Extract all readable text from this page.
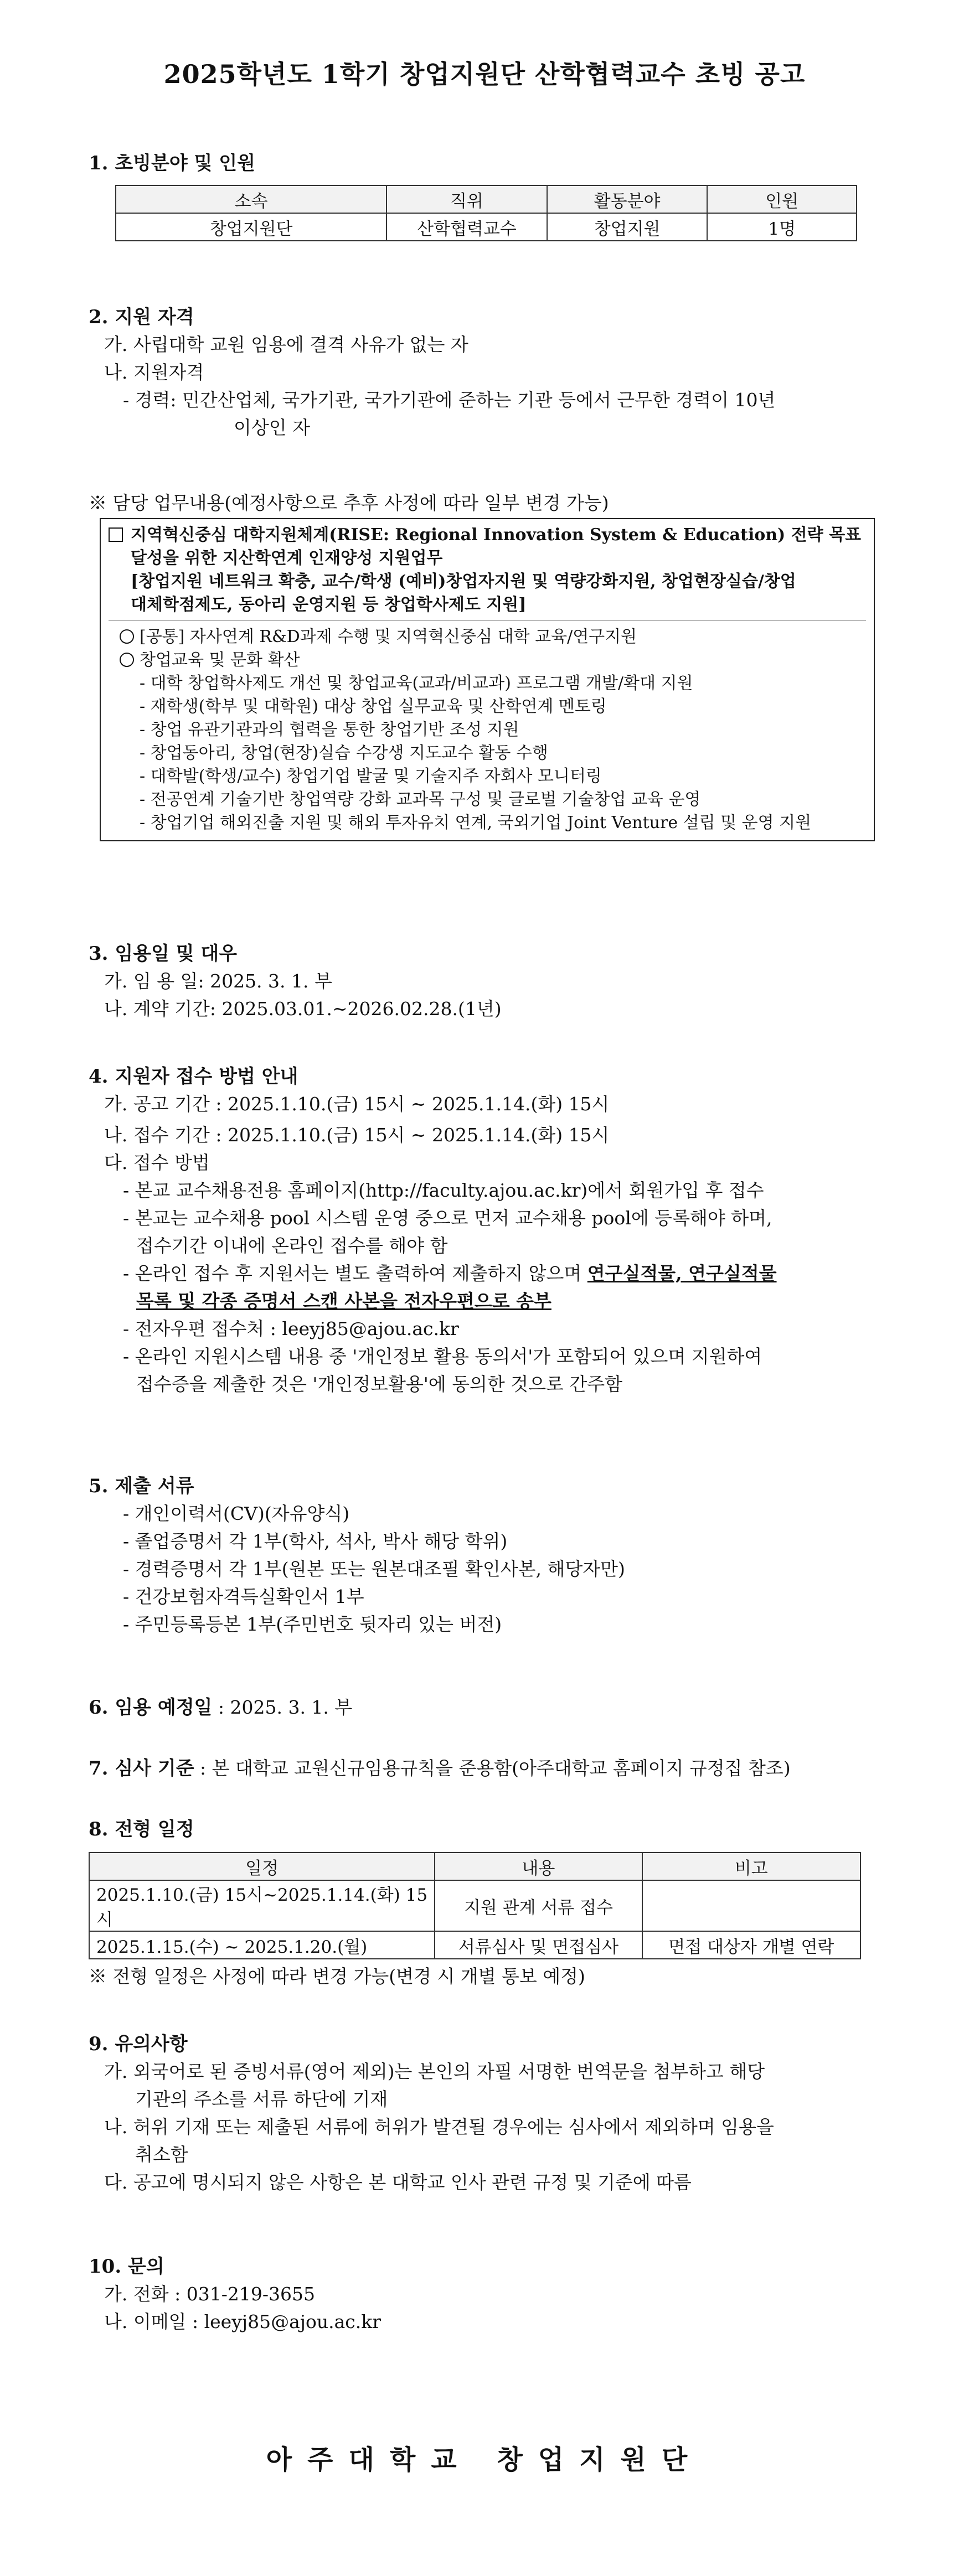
2025학년도 1학기 창업지원단 산학협력교수 초빙 공고
1. 초빙분야 및 인원
소속	직위	활동분야	인원
창업지원단	산학협력교수	창업지원	1명
2. 지원 자격
가. 사립대학 교원 임용에 결격 사유가 없는 자
나. 지원자격
- 경력: 민간산업체, 국가기관, 국가기관에 준하는 기관 등에서 근무한 경력이 10년
이상인 자
※ 담당 업무내용(예정사항으로 추후 사정에 따라 일부 변경 가능)
지역혁신중심 대학지원체계(RISE: Regional Innovation System & Education) 전략 목표
달성을 위한 지산학연계 인재양성 지원업무
[창업지원 네트워크 확충, 교수/학생 (예비)창업자지원 및 역량강화지원, 창업현장실습/창업
대체학점제도, 동아리 운영지원 등 창업학사제도 지원]
[공통] 자사연계 R&D과제 수행 및 지역혁신중심 대학 교육/연구지원
창업교육 및 문화 확산
- 대학 창업학사제도 개선 및 창업교육(교과/비교과) 프로그램 개발/확대 지원
- 재학생(학부 및 대학원) 대상 창업 실무교육 및 산학연계 멘토링
- 창업 유관기관과의 협력을 통한 창업기반 조성 지원
- 창업동아리, 창업(현장)실습 수강생 지도교수 활동 수행
- 대학발(학생/교수) 창업기업 발굴 및 기술지주 자회사 모니터링
- 전공연계 기술기반 창업역량 강화 교과목 구성 및 글로벌 기술창업 교육 운영
- 창업기업 해외진출 지원 및 해외 투자유치 연계, 국외기업 Joint Venture 설립 및 운영 지원
3. 임용일 및 대우
가. 임 용 일: 2025. 3. 1. 부
나. 계약 기간: 2025.03.01.~2026.02.28.(1년)
4. 지원자 접수 방법 안내
가. 공고 기간 : 2025.1.10.(금) 15시 ~ 2025.1.14.(화) 15시
나. 접수 기간 : 2025.1.10.(금) 15시 ~ 2025.1.14.(화) 15시
다. 접수 방법
- 본교 교수채용전용 홈페이지(http://faculty.ajou.ac.kr)에서 회원가입 후 접수
- 본교는 교수채용 pool 시스템 운영 중으로 먼저 교수채용 pool에 등록해야 하며,
접수기간 이내에 온라인 접수를 해야 함
- 온라인 접수 후 지원서는 별도 출력하여 제출하지 않으며 연구실적물, 연구실적물
목록 및 각종 증명서 스캔 사본을 전자우편으로 송부
- 전자우편 접수처 : leeyj85@ajou.ac.kr
- 온라인 지원시스템 내용 중 '개인정보 활용 동의서'가 포함되어 있으며 지원하여
접수증을 제출한 것은 '개인정보활용'에 동의한 것으로 간주함
5. 제출 서류
- 개인이력서(CV)(자유양식)
- 졸업증명서 각 1부(학사, 석사, 박사 해당 학위)
- 경력증명서 각 1부(원본 또는 원본대조필 확인사본, 해당자만)
- 건강보험자격득실확인서 1부
- 주민등록등본 1부(주민번호 뒷자리 있는 버전)
6. 임용 예정일 : 2025. 3. 1. 부
7. 심사 기준 : 본 대학교 교원신규임용규칙을 준용함(아주대학교 홈페이지 규정집 참조)
8. 전형 일정
일정	내용	비고
2025.1.10.(금) 15시~2025.1.14.(화) 15시	지원 관계 서류 접수	
2025.1.15.(수) ~ 2025.1.20.(월)	서류심사 및 면접심사	면접 대상자 개별 연락
※ 전형 일정은 사정에 따라 변경 가능(변경 시 개별 통보 예정)
9. 유의사항
가. 외국어로 된 증빙서류(영어 제외)는 본인의 자필 서명한 번역문을 첨부하고 해당
기관의 주소를 서류 하단에 기재
나. 허위 기재 또는 제출된 서류에 허위가 발견될 경우에는 심사에서 제외하며 임용을
취소함
다. 공고에 명시되지 않은 사항은 본 대학교 인사 관련 규정 및 기준에 따름
10. 문의
가. 전화 : 031-219-3655
나. 이메일 : leeyj85@ajou.ac.kr
아주대학교 창업지원단
